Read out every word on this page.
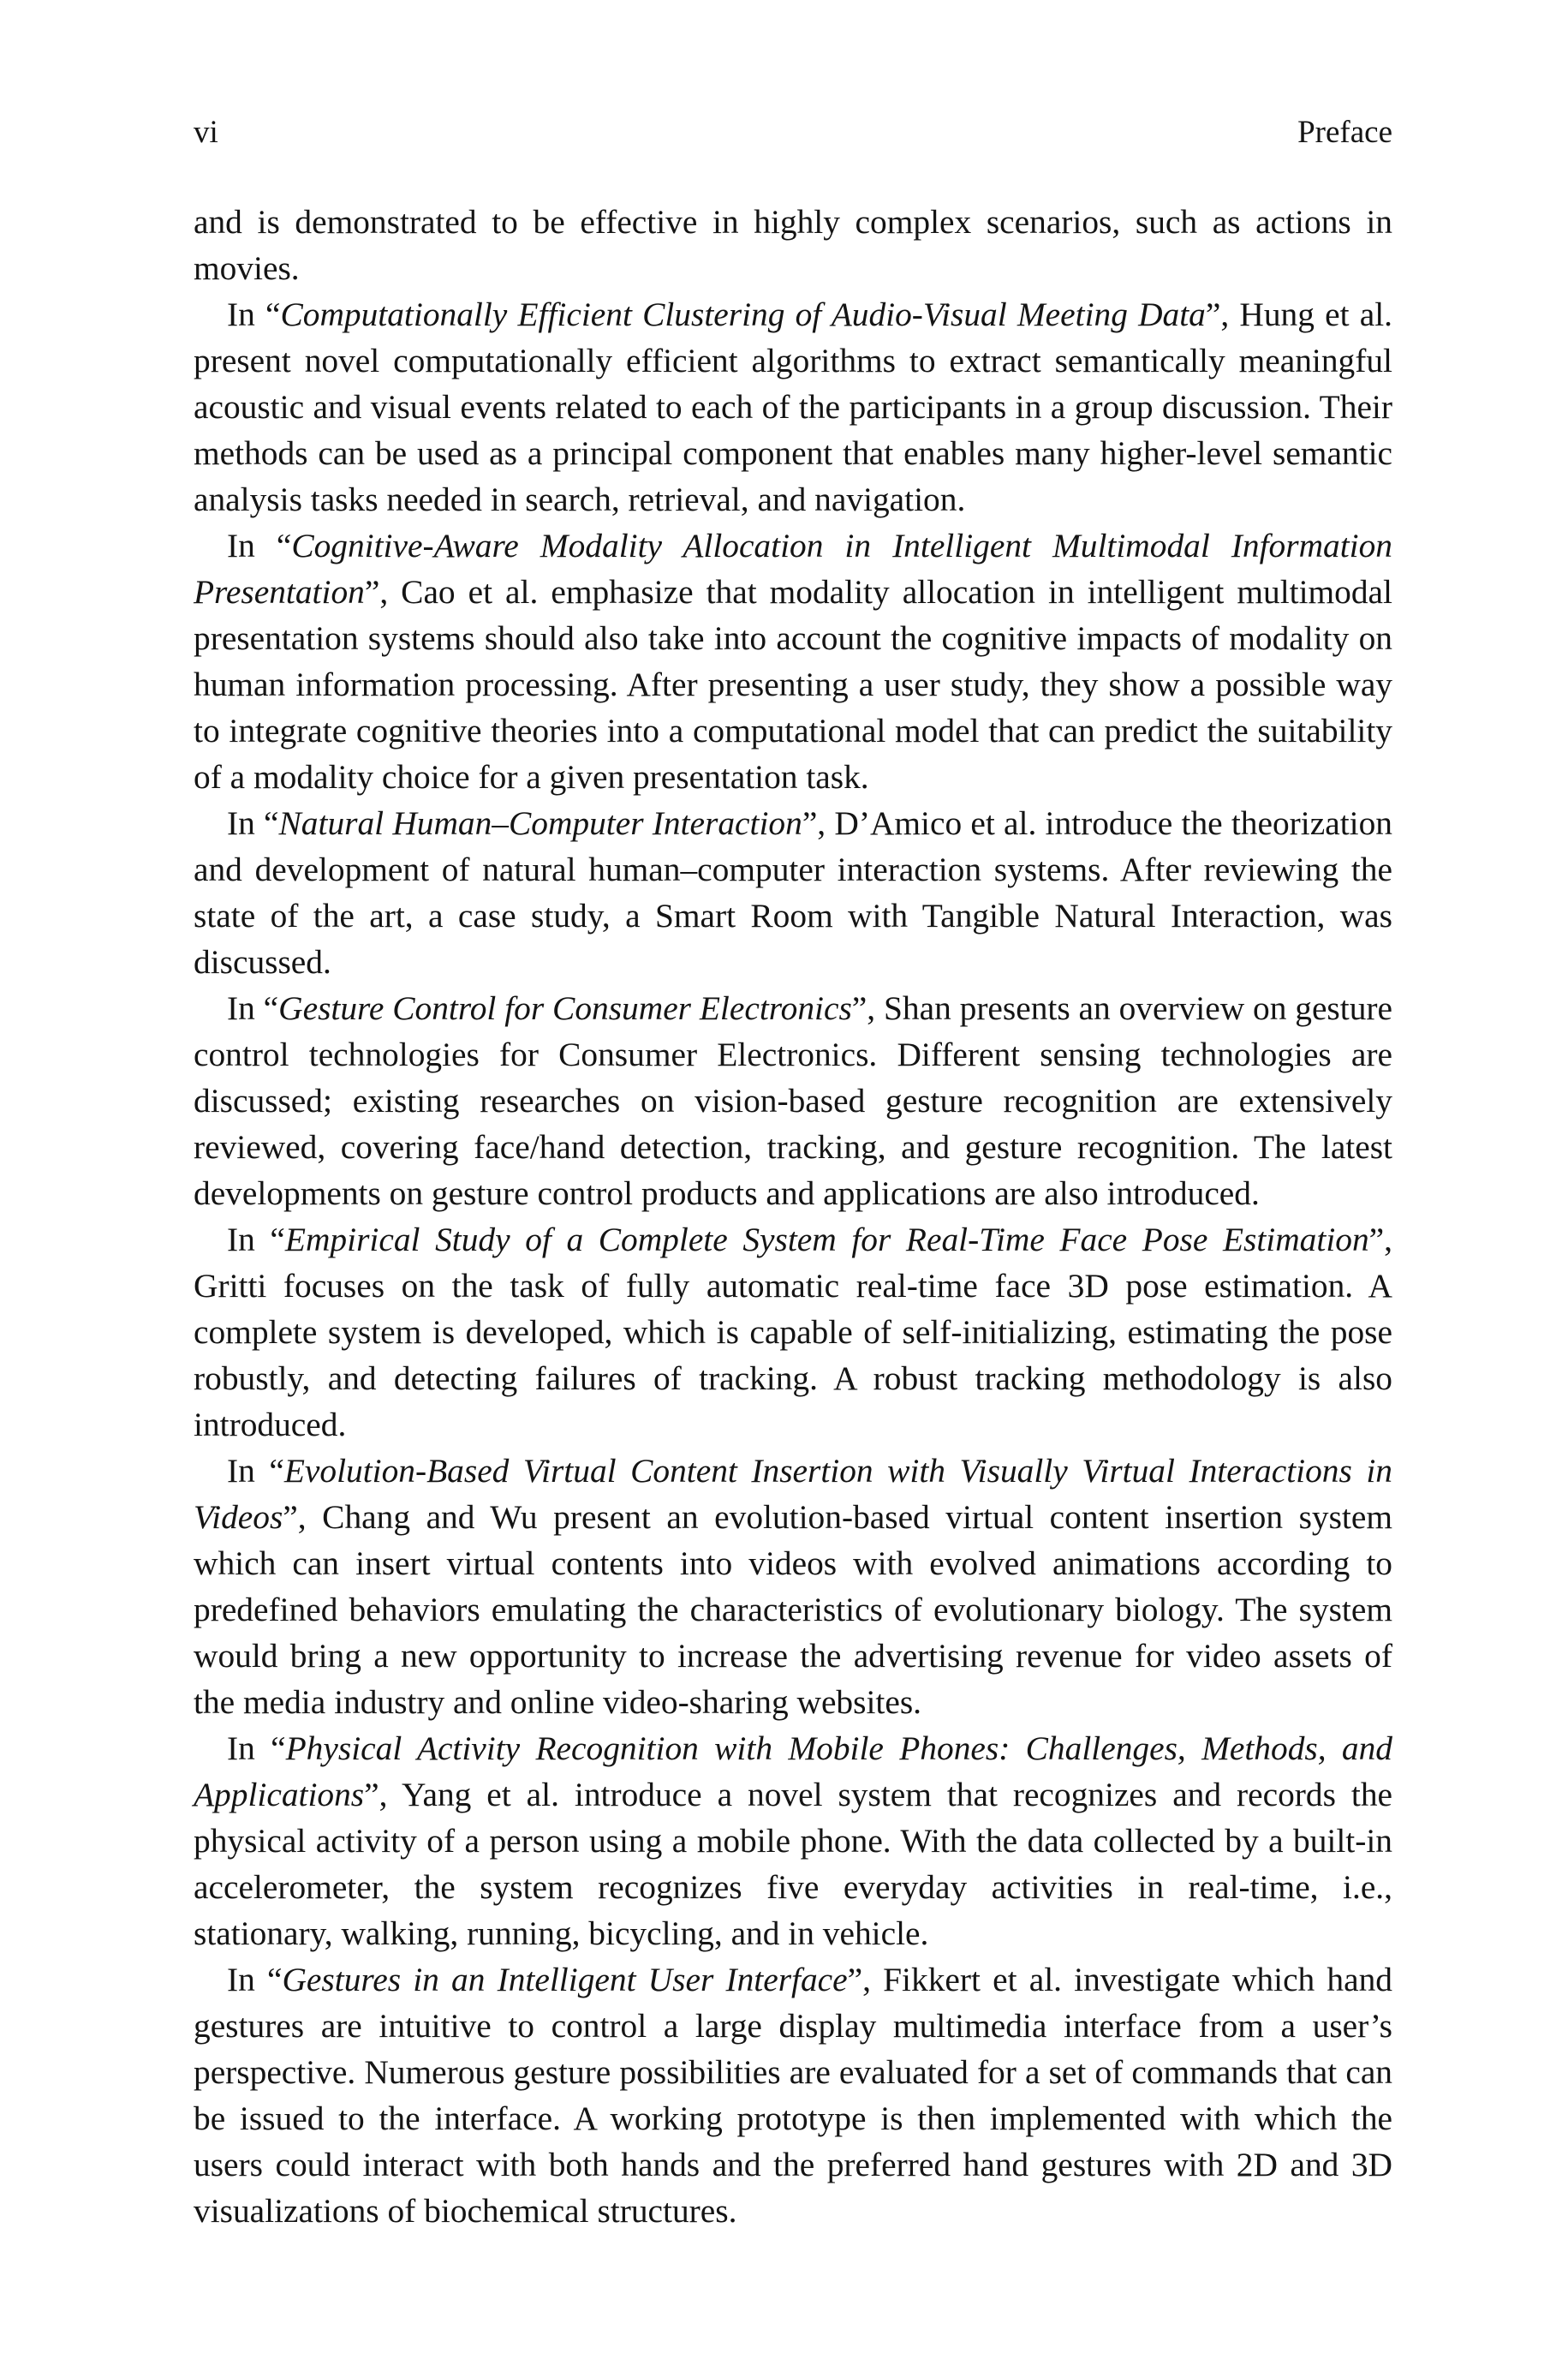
vi	Preface

and is demonstrated to be effective in highly complex scenarios, such as actions in movies.

In “Computationally Efficient Clustering of Audio-Visual Meeting Data”, Hung et al. present novel computationally efficient algorithms to extract semantically meaningful acoustic and visual events related to each of the participants in a group discussion. Their methods can be used as a principal component that enables many higher-level semantic analysis tasks needed in search, retrieval, and navigation.

In “Cognitive-Aware Modality Allocation in Intelligent Multimodal Information Presentation”, Cao et al. emphasize that modality allocation in intelligent multimodal presentation systems should also take into account the cognitive impacts of modality on human information processing. After presenting a user study, they show a possible way to integrate cognitive theories into a computational model that can predict the suitability of a modality choice for a given presentation task.

In “Natural Human–Computer Interaction”, D’Amico et al. introduce the theorization and development of natural human–computer interaction systems. After reviewing the state of the art, a case study, a Smart Room with Tangible Natural Interaction, was discussed.

In “Gesture Control for Consumer Electronics”, Shan presents an overview on gesture control technologies for Consumer Electronics. Different sensing technologies are discussed; existing researches on vision-based gesture recognition are extensively reviewed, covering face/hand detection, tracking, and gesture recognition. The latest developments on gesture control products and applications are also introduced.

In “Empirical Study of a Complete System for Real-Time Face Pose Estimation”, Gritti focuses on the task of fully automatic real-time face 3D pose estimation. A complete system is developed, which is capable of self-initializing, estimating the pose robustly, and detecting failures of tracking. A robust tracking methodology is also introduced.

In “Evolution-Based Virtual Content Insertion with Visually Virtual Interactions in Videos”, Chang and Wu present an evolution-based virtual content insertion system which can insert virtual contents into videos with evolved animations according to predefined behaviors emulating the characteristics of evolutionary biology. The system would bring a new opportunity to increase the advertising revenue for video assets of the media industry and online video-sharing websites.

In “Physical Activity Recognition with Mobile Phones: Challenges, Methods, and Applications”, Yang et al. introduce a novel system that recognizes and records the physical activity of a person using a mobile phone. With the data collected by a built-in accelerometer, the system recognizes five everyday activities in real-time, i.e., stationary, walking, running, bicycling, and in vehicle.

In “Gestures in an Intelligent User Interface”, Fikkert et al. investigate which hand gestures are intuitive to control a large display multimedia interface from a user’s perspective. Numerous gesture possibilities are evaluated for a set of commands that can be issued to the interface. A working prototype is then implemented with which the users could interact with both hands and the preferred hand gestures with 2D and 3D visualizations of biochemical structures.
